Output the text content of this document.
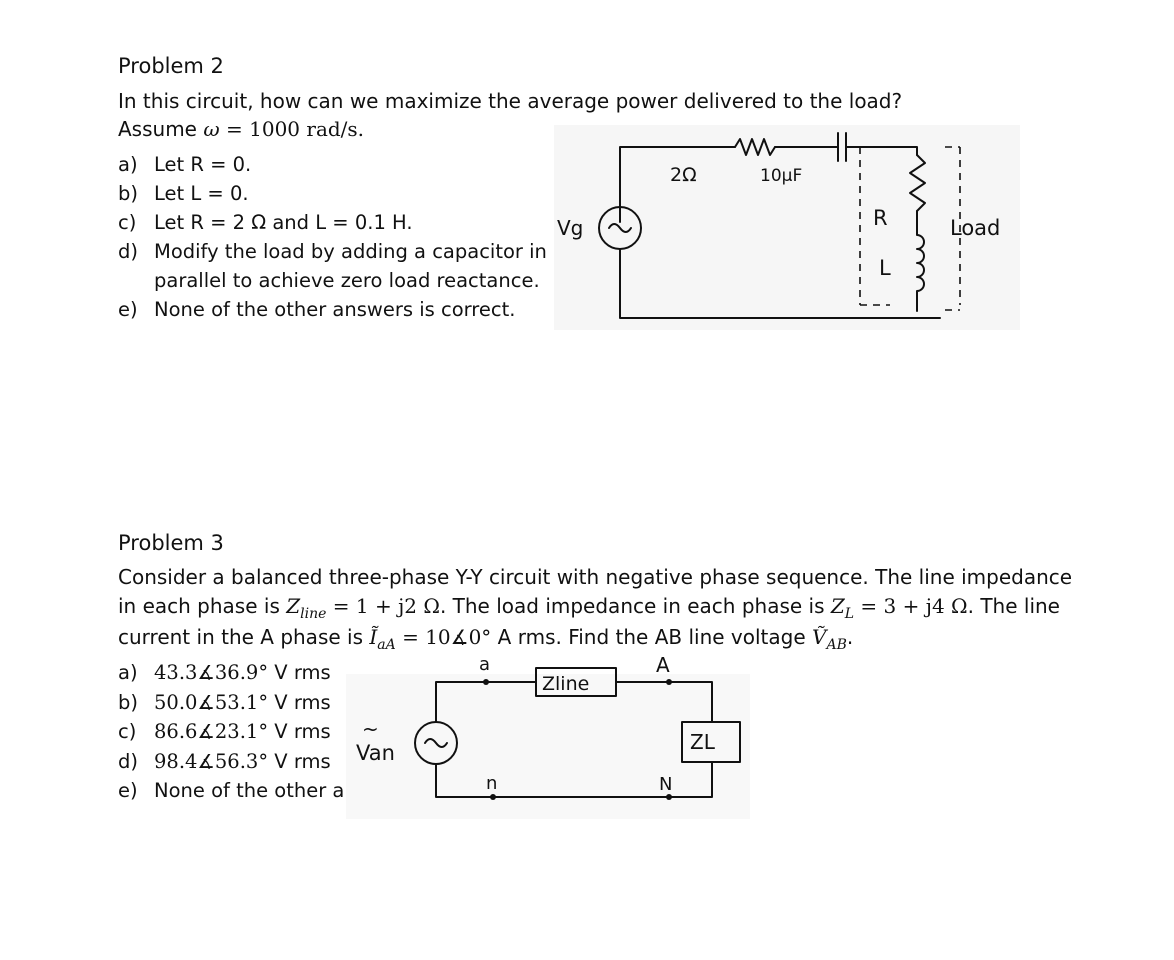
Problem 2
In this circuit, how can we maximize the average power delivered to the load?
Assume ω = 1000 rad/s.
a) Let R = 0.
b) Let L = 0.
c) Let R = 2 Ω and L = 0.1 H.
d) Modify the load by adding a capacitor in
parallel to achieve zero load reactance.
e) None of the other answers is correct.
2Ω	10μF
Vg	R
L
Load
Problem 3
Consider a balanced three-phase Y-Y circuit with negative phase sequence. The line impedance
in each phase is $Z_{line} = 1 + j2$ Ω. The load impedance in each phase is $Z_L = 3 + j4$ Ω. The line
current in the A phase is $Ĩ_{aA}$ = 10∡0° A rms. Find the AB line voltage Ṽ$_{AB}$.
a) 43.3∡36.9° V rms
b) 50.0∡53.1° V rms
c) 86.6∡23.1° V rms
d) 98.4∡56.3° V rms
e) None of the other a
~
Van
a	A
n	N
Zline
ZL
